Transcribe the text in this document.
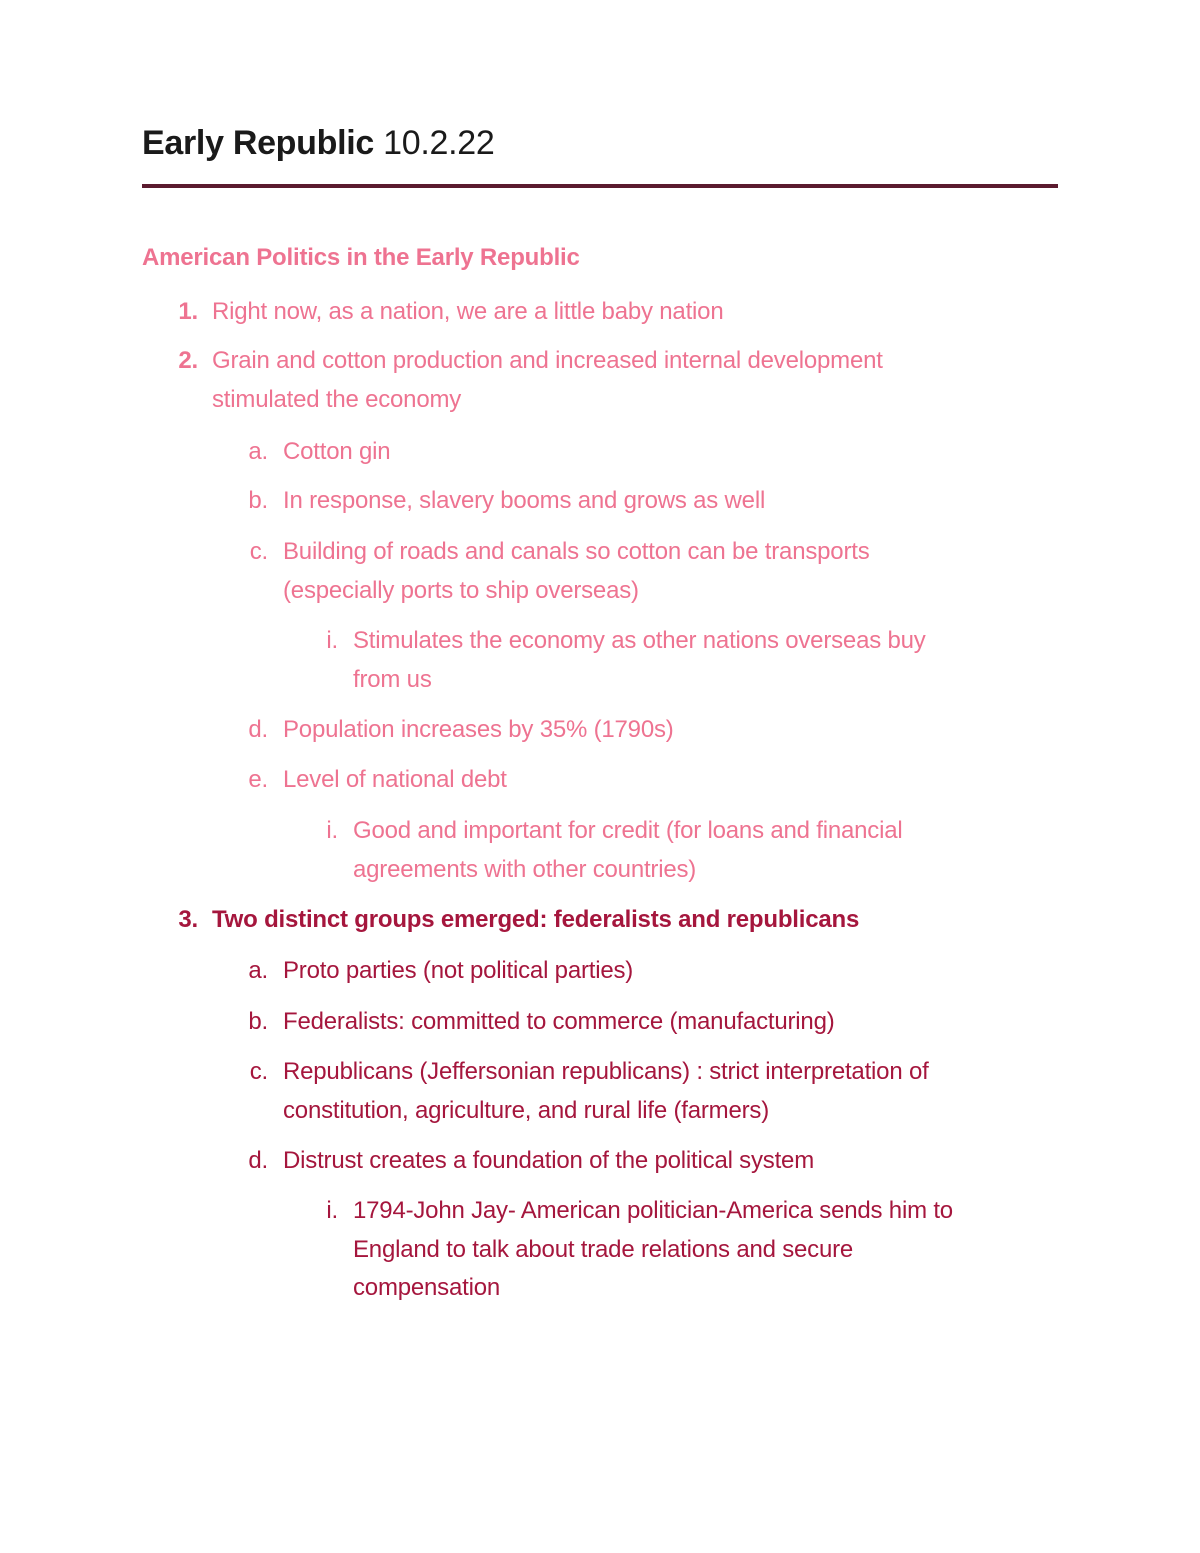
Early Republic 10.2.22
American Politics in the Early Republic
1. Right now, as a nation, we are a little baby nation
2. Grain and cotton production and increased internal development
stimulated the economy
a. Cotton gin
b. In response, slavery booms and grows as well
c. Building of roads and canals so cotton can be transports
(especially ports to ship overseas)
i. Stimulates the economy as other nations overseas buy
from us
d. Population increases by 35% (1790s)
e. Level of national debt
i. Good and important for credit (for loans and financial
agreements with other countries)
3. Two distinct groups emerged: federalists and republicans
a. Proto parties (not political parties)
b. Federalists: committed to commerce (manufacturing)
c. Republicans (Jeffersonian republicans) : strict interpretation of
constitution, agriculture, and rural life (farmers)
d. Distrust creates a foundation of the political system
i. 1794-John Jay- American politician-America sends him to
England to talk about trade relations and secure
compensation
